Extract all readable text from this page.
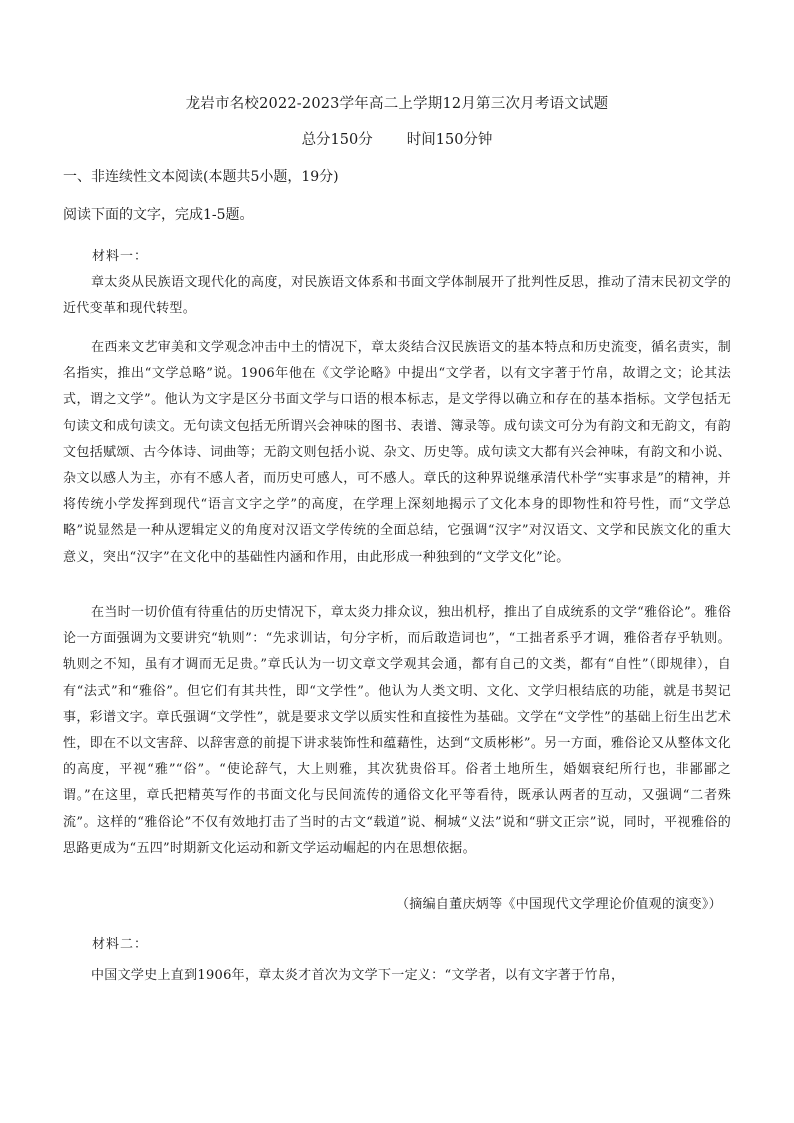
龙岩市名校2022-2023学年高二上学期12月第三次月考语文试题
总分150分 时间150分钟
一、非连续性文本阅读(本题共5小题，19分)
阅读下面的文字，完成1-5题。
材料一：

章太炎从民族语文现代化的高度，对民族语文体系和书面文学体制展开了批判性反思，推动了清末民初文学的近代变革和现代转型。

在西来文艺审美和文学观念冲击中土的情况下，章太炎结合汉民族语文的基本特点和历史流变，循名责实，制名指实，推出“文学总略”说。1906年他在《文学论略》中提出“文学者，以有文字著于竹帛，故谓之文；论其法式，谓之文学”。他认为文字是区分书面文学与口语的根本标志，是文学得以确立和存在的基本指标。文学包括无句读文和成句读文。无句读文包括无所谓兴会神味的图书、表谱、簿录等。成句读文可分为有韵文和无韵文，有韵文包括赋颂、古今体诗、词曲等；无韵文则包括小说、杂文、历史等。成句读文大都有兴会神味，有韵文和小说、杂文以感人为主，亦有不感人者，而历史可感人，可不感人。章氏的这种界说继承清代朴学“实事求是”的精神，并将传统小学发挥到现代“语言文字之学”的高度，在学理上深刻地揭示了文化本身的即物性和符号性，而“文学总略”说显然是一种从逻辑定义的角度对汉语文学传统的全面总结，它强调“汉字”对汉语文、文学和民族文化的重大意义，突出“汉字”在文化中的基础性内涵和作用，由此形成一种独到的“文学文化”论。

在当时一切价值有待重估的历史情况下，章太炎力排众议，独出机杼，推出了自成统系的文学“雅俗论”。雅俗论一方面强调为文要讲究“轨则”：“先求训诂，句分字析，而后敢造词也”，“工拙者系乎才调，雅俗者存乎轨则。轨则之不知，虽有才调而无足贵。”章氏认为一切文章文学观其会通，都有自己的文类，都有“自性”（即规律），自有“法式”和“雅俗”。但它们有其共性，即“文学性”。他认为人类文明、文化、文学归根结底的功能，就是书契记事，彩谱文字。章氏强调“文学性”，就是要求文学以质实性和直接性为基础。文学在“文学性”的基础上衍生出艺术性，即在不以文害辞、以辞害意的前提下讲求装饰性和蕴藉性，达到“文质彬彬”。另一方面，雅俗论又从整体文化的高度，平视“雅”“俗”。“使论辞气，大上则雅，其次犹贵俗耳。俗者土地所生，婚姻衰纪所行也，非鄙鄙之谓。”在这里，章氏把精英写作的书面文化与民间流传的通俗文化平等看待，既承认两者的互动，又强调“二者殊流”。这样的“雅俗论”不仅有效地打击了当时的古文“载道”说、桐城“义法”说和“骈文正宗”说，同时，平视雅俗的思路更成为“五四”时期新文化运动和新文学运动崛起的内在思想依据。

（摘编自董庆炳等《中国现代文学理论价值观的演变》）
材料二：

中国文学史上直到1906年，章太炎才首次为文学下一定义：“文学者，以有文字著于竹帛，
